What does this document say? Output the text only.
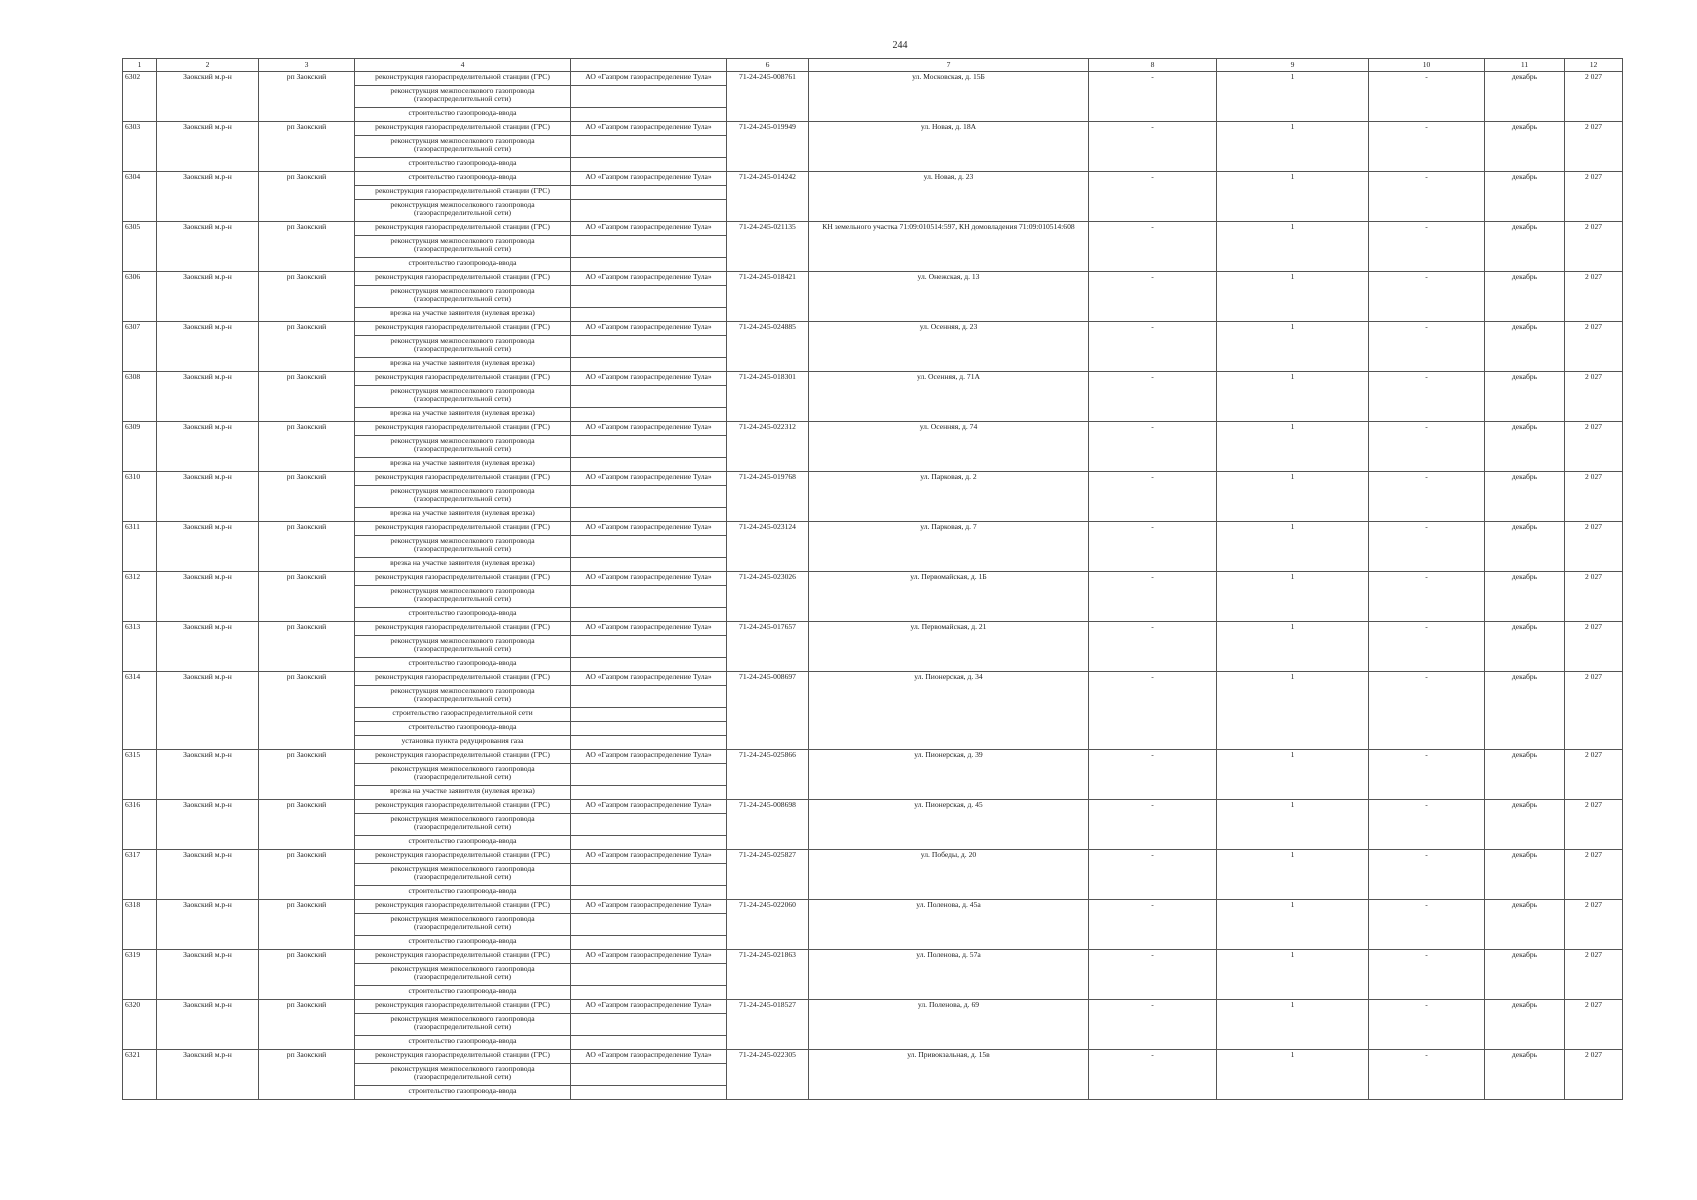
244
1	2	3	4		6	7	8	9	10	11	12
6302	Заокский м.р-н	рп Заокский	реконструкция газораспределительной станции (ГРС)	АО «Газпром газораспределение Тула»	71-24-245-008761	ул. Московская, д. 15Б	-	1	-	декабрь	2 027
			реконструкция межпоселкового газопровода (газораспределительной сети)								
			строительство газопровода-ввода								
6303	Заокский м.р-н	рп Заокский	реконструкция газораспределительной станции (ГРС)	АО «Газпром газораспределение Тула»	71-24-245-019949	ул. Новая, д. 18А	-	1	-	декабрь	2 027
			реконструкция межпоселкового газопровода (газораспределительной сети)								
			строительство газопровода-ввода								
6304	Заокский м.р-н	рп Заокский	строительство газопровода-ввода	АО «Газпром газораспределение Тула»	71-24-245-014242	ул. Новая, д. 23	-	1	-	декабрь	2 027
			реконструкция газораспределительной станции (ГРС)								
			реконструкция межпоселкового газопровода (газораспределительной сети)								
6305	Заокский м.р-н	рп Заокский	реконструкция газораспределительной станции (ГРС)	АО «Газпром газораспределение Тула»	71-24-245-021135	КН земельного участка 71:09:010514:597, КН домовладения 71:09:010514:608	-	1	-	декабрь	2 027
			реконструкция межпоселкового газопровода (газораспределительной сети)								
			строительство газопровода-ввода								
6306	Заокский м.р-н	рп Заокский	реконструкция газораспределительной станции (ГРС)	АО «Газпром газораспределение Тула»	71-24-245-018421	ул. Онежская, д. 13	-	1	-	декабрь	2 027
			реконструкция межпоселкового газопровода (газораспределительной сети)								
			врезка на участке заявителя (нулевая врезка)								
6307	Заокский м.р-н	рп Заокский	реконструкция газораспределительной станции (ГРС)	АО «Газпром газораспределение Тула»	71-24-245-024885	ул. Осенняя, д. 23	-	1	-	декабрь	2 027
			реконструкция межпоселкового газопровода (газораспределительной сети)								
			врезка на участке заявителя (нулевая врезка)								
6308	Заокский м.р-н	рп Заокский	реконструкция газораспределительной станции (ГРС)	АО «Газпром газораспределение Тула»	71-24-245-018301	ул. Осенняя, д. 71А	-	1	-	декабрь	2 027
			реконструкция межпоселкового газопровода (газораспределительной сети)								
			врезка на участке заявителя (нулевая врезка)								
6309	Заокский м.р-н	рп Заокский	реконструкция газораспределительной станции (ГРС)	АО «Газпром газораспределение Тула»	71-24-245-022312	ул. Осенняя, д. 74	-	1	-	декабрь	2 027
			реконструкция межпоселкового газопровода (газораспределительной сети)								
			врезка на участке заявителя (нулевая врезка)								
6310	Заокский м.р-н	рп Заокский	реконструкция газораспределительной станции (ГРС)	АО «Газпром газораспределение Тула»	71-24-245-019768	ул. Парковая, д. 2	-	1	-	декабрь	2 027
			реконструкция межпоселкового газопровода (газораспределительной сети)								
			врезка на участке заявителя (нулевая врезка)								
6311	Заокский м.р-н	рп Заокский	реконструкция газораспределительной станции (ГРС)	АО «Газпром газораспределение Тула»	71-24-245-023124	ул. Парковая, д. 7	-	1	-	декабрь	2 027
			реконструкция межпоселкового газопровода (газораспределительной сети)								
			врезка на участке заявителя (нулевая врезка)								
6312	Заокский м.р-н	рп Заокский	реконструкция газораспределительной станции (ГРС)	АО «Газпром газораспределение Тула»	71-24-245-023026	ул. Первомайская, д. 1Б	-	1	-	декабрь	2 027
			реконструкция межпоселкового газопровода (газораспределительной сети)								
			строительство газопровода-ввода								
6313	Заокский м.р-н	рп Заокский	реконструкция газораспределительной станции (ГРС)	АО «Газпром газораспределение Тула»	71-24-245-017657	ул. Первомайская, д. 21	-	1	-	декабрь	2 027
			реконструкция межпоселкового газопровода (газораспределительной сети)								
			строительство газопровода-ввода								
6314	Заокский м.р-н	рп Заокский	реконструкция газораспределительной станции (ГРС)	АО «Газпром газораспределение Тула»	71-24-245-008697	ул. Пионерская, д. 34	-	1	-	декабрь	2 027
			реконструкция межпоселкового газопровода (газораспределительной сети)								
			строительство газораспределительной сети								
			строительство газопровода-ввода								
			установка пункта редуцирования газа								
6315	Заокский м.р-н	рп Заокский	реконструкция газораспределительной станции (ГРС)	АО «Газпром газораспределение Тула»	71-24-245-025866	ул. Пионерская, д. 39	-	1	-	декабрь	2 027
			реконструкция межпоселкового газопровода (газораспределительной сети)								
			врезка на участке заявителя (нулевая врезка)								
6316	Заокский м.р-н	рп Заокский	реконструкция газораспределительной станции (ГРС)	АО «Газпром газораспределение Тула»	71-24-245-008698	ул. Пионерская, д. 45	-	1	-	декабрь	2 027
			реконструкция межпоселкового газопровода (газораспределительной сети)								
			строительство газопровода-ввода								
6317	Заокский м.р-н	рп Заокский	реконструкция газораспределительной станции (ГРС)	АО «Газпром газораспределение Тула»	71-24-245-025827	ул. Победы, д. 20	-	1	-	декабрь	2 027
			реконструкция межпоселкового газопровода (газораспределительной сети)								
			строительство газопровода-ввода								
6318	Заокский м.р-н	рп Заокский	реконструкция газораспределительной станции (ГРС)	АО «Газпром газораспределение Тула»	71-24-245-022060	ул. Поленова, д. 45а	-	1	-	декабрь	2 027
			реконструкция межпоселкового газопровода (газораспределительной сети)								
			строительство газопровода-ввода								
6319	Заокский м.р-н	рп Заокский	реконструкция газораспределительной станции (ГРС)	АО «Газпром газораспределение Тула»	71-24-245-021863	ул. Поленова, д. 57а	-	1	-	декабрь	2 027
			реконструкция межпоселкового газопровода (газораспределительной сети)								
			строительство газопровода-ввода								
6320	Заокский м.р-н	рп Заокский	реконструкция газораспределительной станции (ГРС)	АО «Газпром газораспределение Тула»	71-24-245-018527	ул. Поленова, д. 69	-	1	-	декабрь	2 027
			реконструкция межпоселкового газопровода (газораспределительной сети)								
			строительство газопровода-ввода								
6321	Заокский м.р-н	рп Заокский	реконструкция газораспределительной станции (ГРС)	АО «Газпром газораспределение Тула»	71-24-245-022305	ул. Привокзальная, д. 15в	-	1	-	декабрь	2 027
			реконструкция межпоселкового газопровода (газораспределительной сети)								
			строительство газопровода-ввода								
